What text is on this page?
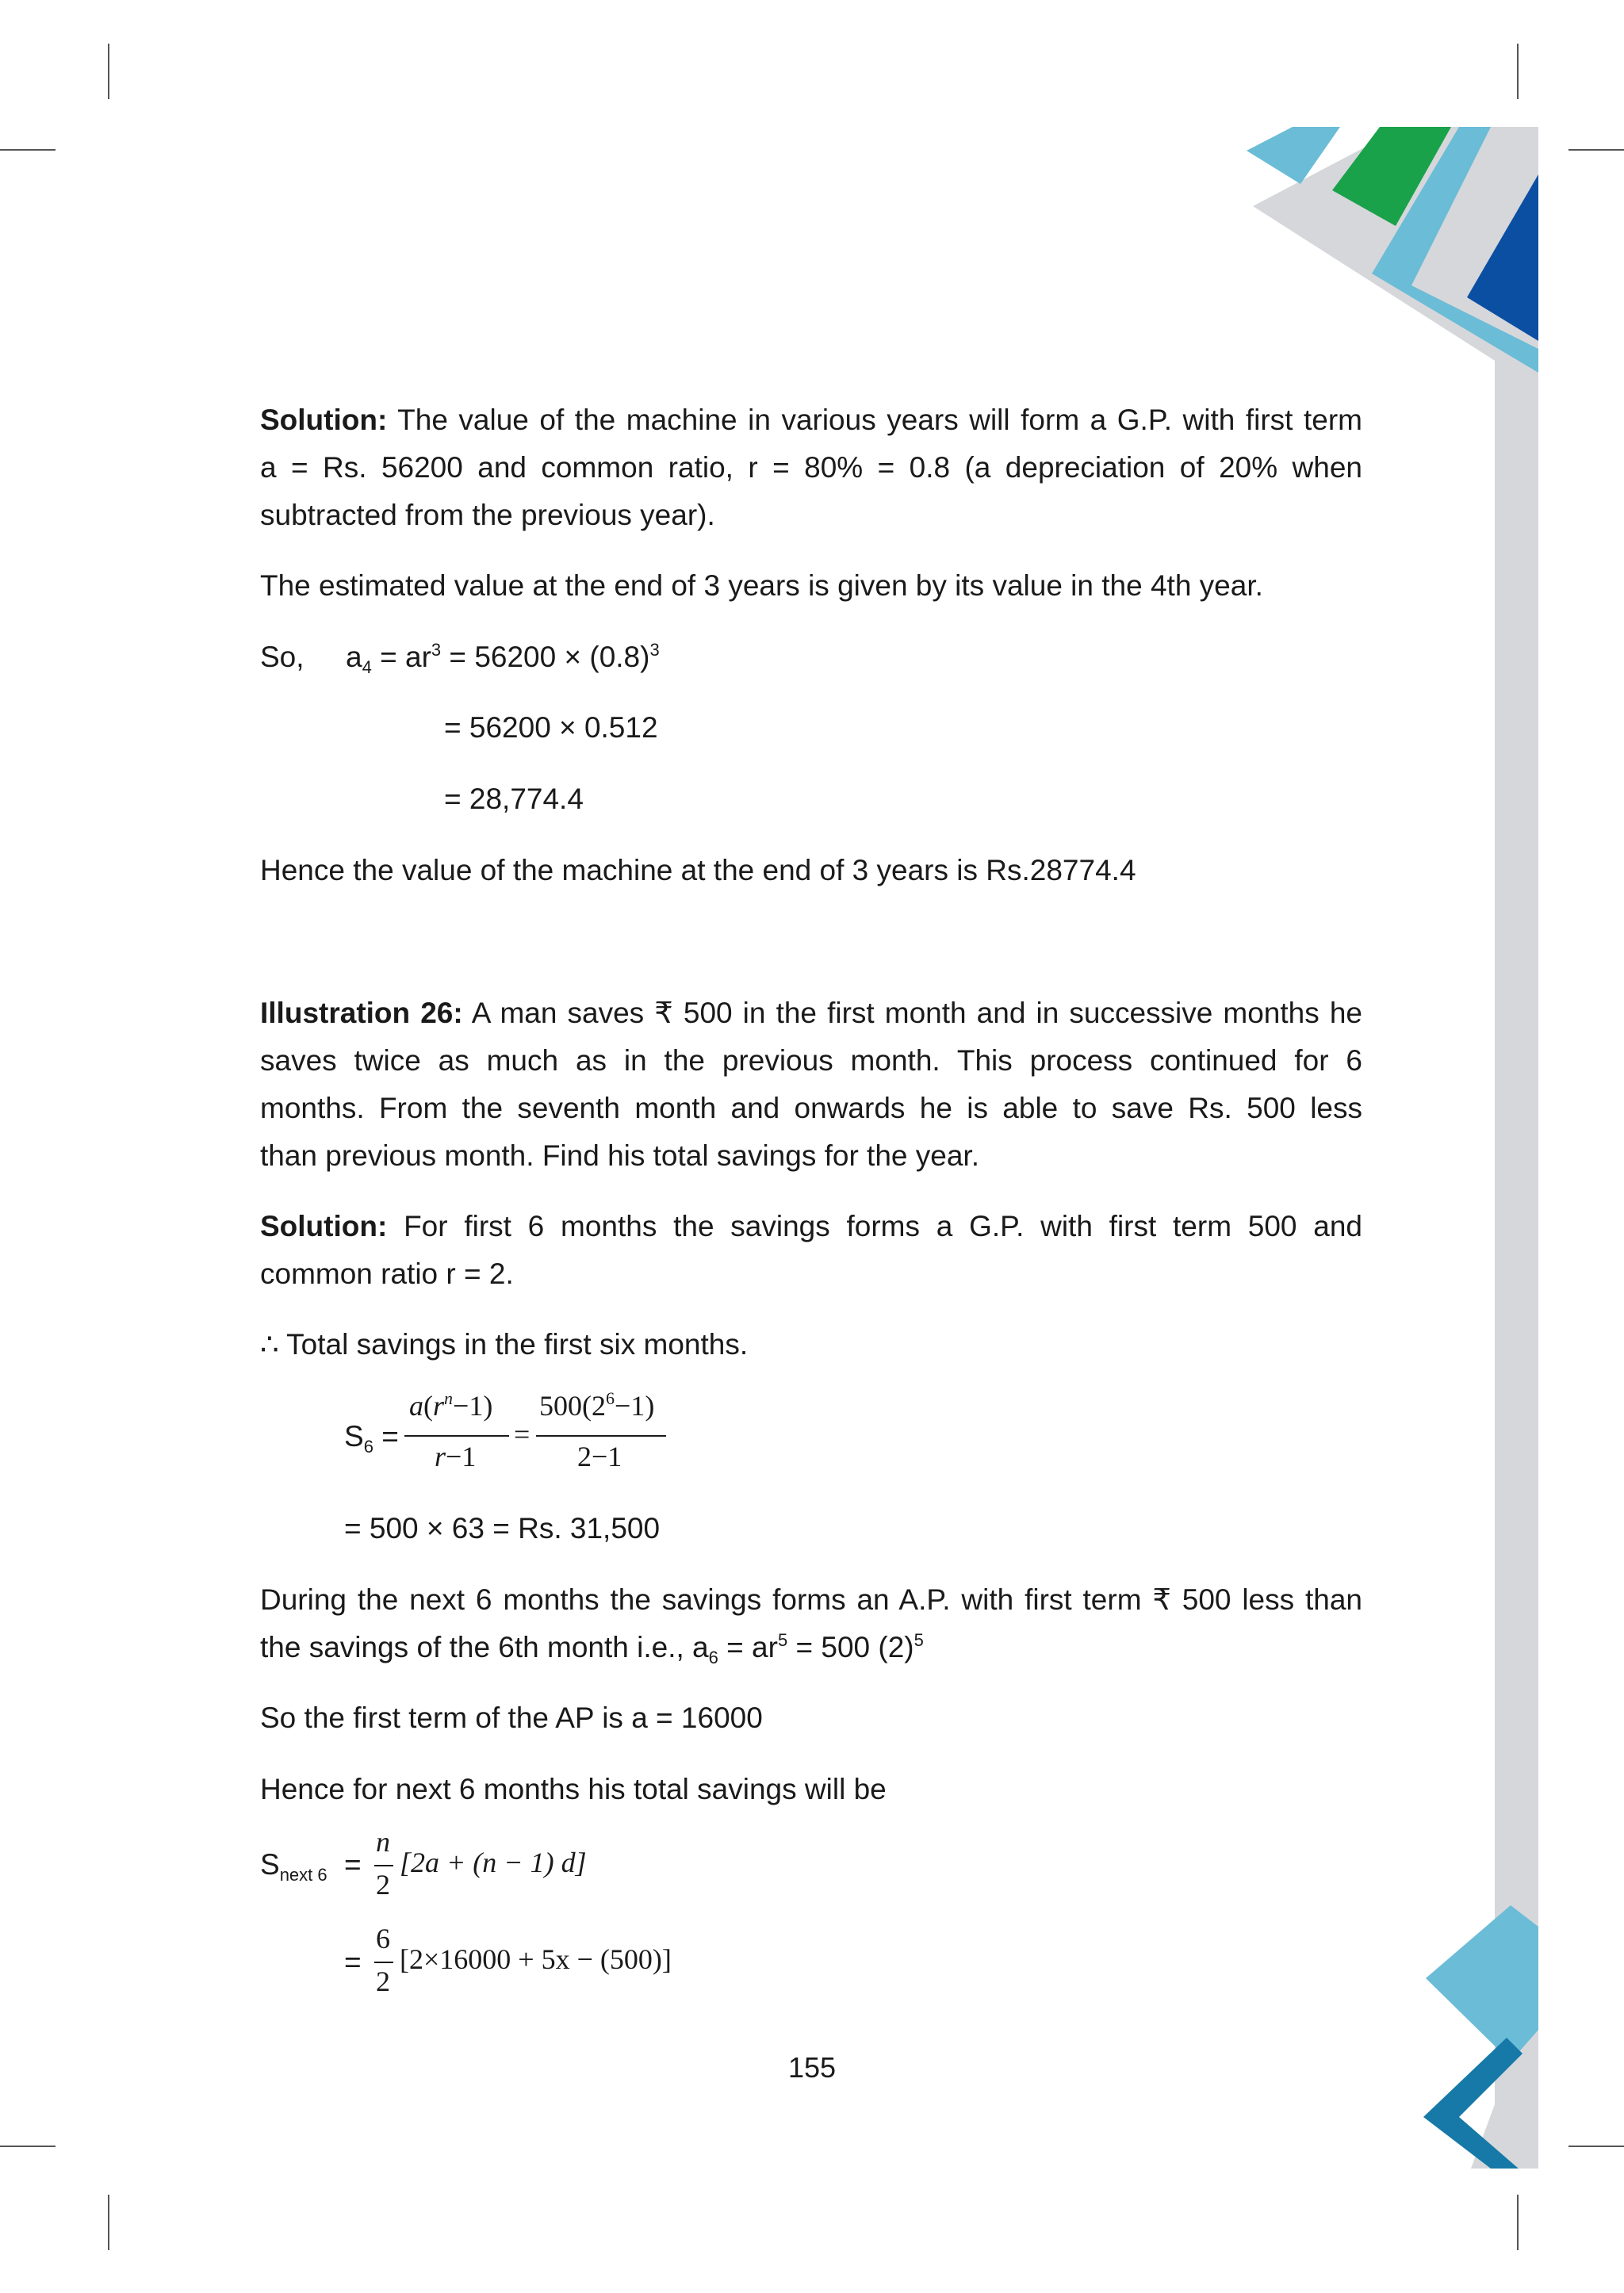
Solution: The value of the machine in various years will form a G.P. with first term
a = Rs. 56200 and common ratio, r = 80% = 0.8 (a depreciation of 20% when
subtracted from the previous year).
The estimated value at the end of 3 years is given by its value in the 4th year.
So, $a_4 = ar^3 = 56200 \times (0.8)^3$
= 56200 × 0.512
= 28,774.4
Hence the value of the machine at the end of 3 years is Rs.28774.4
Illustration 26: A man saves ₹ 500 in the first month and in successive months he
saves twice as much as in the previous month. This process continued for 6
months. From the seventh month and onwards he is able to save Rs. 500 less
than previous month. Find his total savings for the year.
Solution: For first 6 months the savings forms a G.P. with first term 500 and
common ratio r = 2.
∴ Total savings in the first six months.
$S_6$ =
$a(r^n-1)$
r−1
=
$500(2^6-1)$
2−1
= 500 × 63 = Rs. 31,500
During the next 6 months the savings forms an A.P. with first term ₹ 500 less than
the savings of the 6th month i.e., $a_6 = ar^5 = 500$ $(2)^5$
So the first term of the AP is a = 16000
Hence for next 6 months his total savings will be
$S_{next 6}$ =
n
2
[2a + (n − 1) d]
=
6
2
[2×16000 + 5x − (500)]
155
